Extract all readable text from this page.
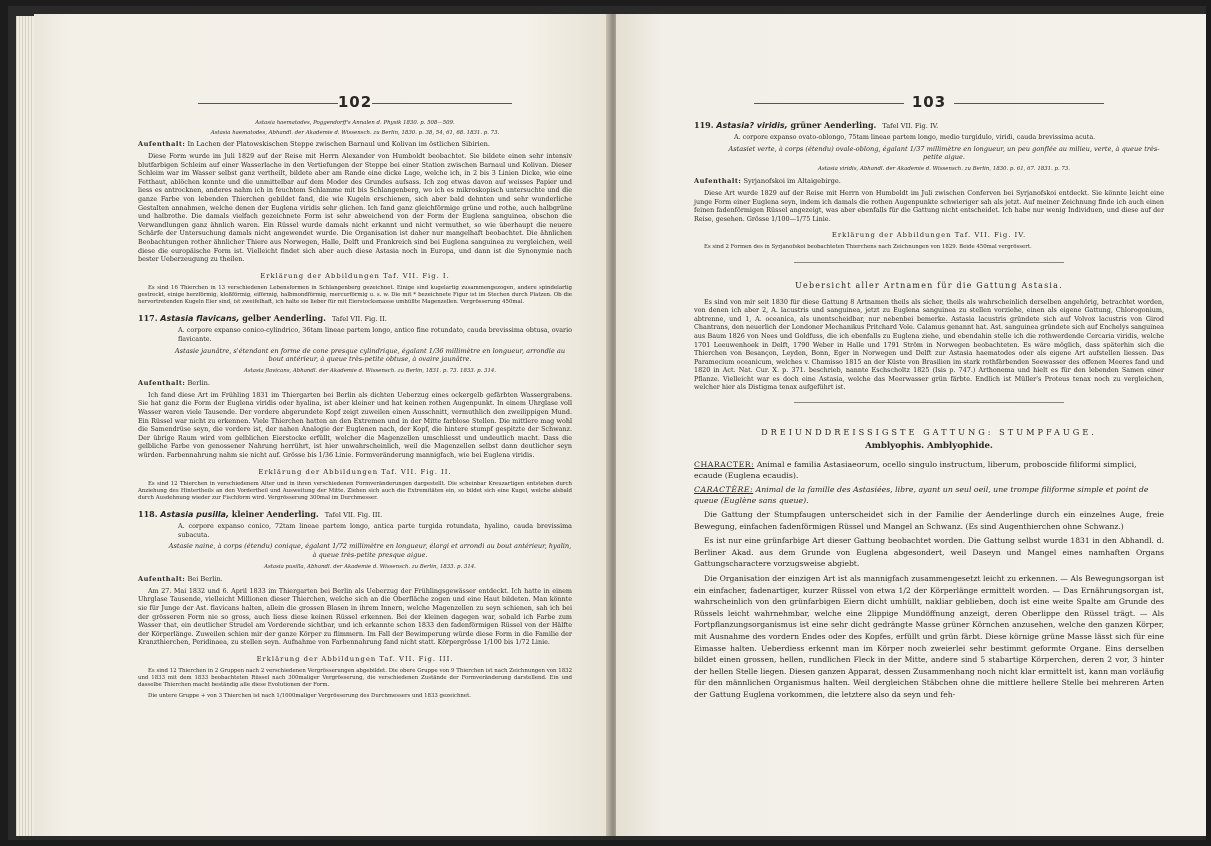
102

Astasia haematodes, Poggendorff's Annalen d. Physik 1830. p. 508—509.

Astasia haematodes, Abhandl. der Akademie d. Wissensch. zu Berlin, 1830. p. 38, 54, 61, 68. 1831. p. 73.

Aufenthalt: In Lachen der Platowskischen Steppe zwischen Barnaul und Kolivan im östlichen Sibirien.

Diese Form wurde im Juli 1829 auf der Reise mit Herrn Alexander von Humboldt beobachtet. Sie bildete einen sehr intensiv blutfarbigen Schleim auf einer Wasserlache in den Vertiefungen der Steppe bei einer Station zwischen Barnaul und Kolivan. Dieser Schleim war im Wasser selbst ganz vertheilt, bildete aber am Rande eine dicke Lage, welche ich, in 2 bis 3 Linien Dicke, wie eine Fetthaut, ablöchen konnte und die unmittelbar auf dem Moder des Grundes aufsass. Ich zog etwas davon auf weisses Papier und liess es antrocknen, anderes nahm ich in feuchtem Schlamme mit bis Schlangenberg, wo ich es mikroskopisch untersuchte und die ganze Farbe von lebenden Thierchen gebildet fand, die wie Kugeln erschienen, sich aber bald dehnten und sehr wunderliche Gestalten annahmen, welche denen der Euglena viridis sehr glichen. Ich fand ganz gleichförmige grüne und rothe, auch halbgrüne und halbrothe. Die damals vielfach gezeichnete Form ist sehr abweichend von der Form der Euglena sanguinea, obschon die Verwandlungen ganz ähnlich waren. Ein Rüssel wurde damals nicht erkannt und nicht vermuthet, so wie überhaupt die neuere Schärfe der Untersuchung damals nicht angewendet wurde. Die Organisation ist daher nur mangelhaft beobachtet. Die ähnlichen Beobachtungen rother ähnlicher Thiere aus Norwegen, Halle, Delft und Frankreich sind bei Euglena sanguinea zu vergleichen, weil diese die europäische Form ist. Vielleicht findet sich aber auch diese Astasia noch in Europa, und dann ist die Synonymie nach bester Ueberzeugung zu theilen.

Erklärung der Abbildungen Taf. VII. Fig. I.

Es sind 16 Thierchen in 13 verschiedenen Lebensformen in Schlangenberg gezeichnet. Einige sind kugelartig zusammengezogen, andere spindelartig gestreckt, einige herzförmig, kloßförmig, eiförmig, halbmondförmig, mercurförmig u. s. w. Die mit * bezeichnete Figur ist im Stechen durch Platzen. Ob die hervortretenden Kugeln Eier sind, ist zweifelhaft, ich halte sie lieber für mit Eierstocksmasse umhüllte Magenzellen. Vergrösserung 450mal.

117. Astasia flavicans, gelber Aenderling. Tafel VII. Fig. II.

A. corpore expanso conico-cylindrico, 36tam lineae partem longo, antico fine rotundato, cauda brevissima obtusa, ovario flavicante.

Astasie jaunâtre, s'étendant en forme de cone presque cylindrique, égalant 1/36 millimètre en longueur, arrondie au bout antérieur, à queue très-petite obtuse, à ovaire jaunâtre.

Astasia flavicans, Abhandl. der Akademie d. Wissensch. zu Berlin, 1831. p. 73. 1833. p. 314.

Aufenthalt: Berlin.

Ich fand diese Art im Frühling 1831 im Thiergarten bei Berlin als dichten Ueberzug eines ockergelb gefärbten Wassergrabens. Sie hat ganz die Form der Euglena viridis oder hyalina, ist aber kleiner und hat keinen rothen Augenpunkt. In einem Uhrglase voll Wasser waren viele Tausende. Der vordere abgerundete Kopf zeigt zuweilen einen Ausschnitt, vermuthlich den zweilippigen Mund. Ein Rüssel war nicht zu erkennen. Viele Thierchen hatten an den Extremen und in der Mitte farblose Stellen. Die mittlere mag wohl die Samendrüse seyn, die vordere ist, der nahen Analogie der Euglenen nach, der Kopf, die hintere stumpf gespitzte der Schwanz. Der übrige Raum wird vom gelblichen Eierstocke erfüllt, welcher die Magenzellen umschliesst und undeutlich macht. Dass die gelbliche Farbe von genossener Nahrung herrührt, ist hier unwahrscheinlich, weil die Magenzellen selbst dann deutlicher seyn würden. Farbennahrung nahm sie nicht auf. Grösse bis 1/36 Linie. Formveränderung mannigfach, wie bei Euglena viridis.

Erklärung der Abbildungen Taf. VII. Fig. II.

Es sind 12 Thierchen in verschiedenem Alter und in ihren verschiedenen Formveränderungen dargestellt. Die scheinbar Kreuzartigen entstehen durch Anziehung des Hintertheils an den Vordertheil und Ausweitung der Mitte. Ziehen sich auch die Extremitäten ein, so bildet sich eine Kugel, welche alsbald durch Ausdehnung wieder zur Fischform wird. Vergrösserung 300mal im Durchmesser.

118. Astasia pusilla, kleiner Aenderling. Tafel VII. Fig. III.

A. corpore expanso conico, 72tam lineae partem longo, antica parte turgida rotundata, hyalino, cauda brevissima subacuta.

Astasie naine, à corps (étendu) conique, égalant 1/72 millimètre en longueur, élargi et arrondi au bout antérieur, hyalin, à queue très-petite presque aigue.

Astasia pusilla, Abhandl. der Akademie d. Wissensch. zu Berlin, 1833. p. 314.

Aufenthalt: Bei Berlin.

Am 27. Mai 1832 und 6. April 1833 im Thiergarten bei Berlin als Ueberzug der Frühlingsgewässer entdeckt. Ich hatte in einem Uhrglase Tausende, vielleicht Millionen dieser Thierchen, welche sich an die Oberfläche zogen und eine Haut bildeten. Man könnte sie für Junge der Ast. flavicans halten, allein die grossen Blasen in ihrem Innern, welche Magenzellen zu seyn schienen, sah ich bei der grösseren Form nie so gross, auch liess diese keinen Rüssel erkennen. Bei der kleinen dagegen war, sobald ich Farbe zum Wasser that, ein deutlicher Strudel am Vorderende sichtbar, und ich erkannte schon 1833 den fadenförmigen Rüssel von der Hälfte der Körperlänge. Zuweilen schien mir der ganze Körper zu flimmern. Im Fall der Bewimperung würde diese Form in die Familie der Kranzthierchen, Peridinaea, zu stellen seyn. Aufnahme von Farbennahrung fand nicht statt. Körpergrösse 1/100 bis 1/72 Linie.

Erklärung der Abbildungen Taf. VII. Fig. III.

Es sind 12 Thierchen in 2 Gruppen nach 2 verschiedenen Vergrösserungen abgebildet. Die obere Gruppe von 9 Thierchen ist nach Zeichnungen von 1832 und 1833 mit dem 1833 beobachteten Rüssel nach 300maliger Vergrösserung, die verschiedenen Zustände der Formveränderung darstellend. Ein und dasselbe Thierchen macht beständig alle diese Evolutionen der Form.

Die untere Gruppe + von 3 Thierchen ist nach 1/1000maliger Vergrösserung des Durchmessers und 1833 gezeichnet.

103
119. Astasia? viridis, grüner Aenderling. Tafel VII. Fig. IV.

A. corpore expanso ovato-oblongo, 75tam lineae partem longo, medio turgidulo, viridi, cauda brevissima acuta.

Astasiet verte, à corps (étendu) ovale-oblong, égalant 1/37 millimètre en longueur, un peu gonflée au milieu, verte, à queue très-petite aigue.

Astasia viridis, Abhandl. der Akademie d. Wissensch. zu Berlin, 1830. p. 61, 67. 1831. p. 73.

Aufenthalt: Syrjanofskoi im Altaigebirge.

Diese Art wurde 1829 auf der Reise mit Herrn von Humboldt im Juli zwischen Conferven bei Syrjanofskoi entdeckt. Sie könnte leicht eine junge Form einer Euglena seyn, indem ich damals die rothen Augenpunkte schwieriger sah als jetzt. Auf meiner Zeichnung finde ich auch einen feinen fadenförmigen Rüssel angezeigt, was aber ebenfalls für die Gattung nicht entscheidet. Ich habe nur wenig Individuen, und diese auf der Reise, gesehen. Grösse 1/100—1/75 Linie.

Erklärung der Abbildungen Taf. VII. Fig. IV.

Es sind 2 Formen des in Syrjanofskoi beobachteten Thierchens nach Zeichnungen von 1829. Beide 450mal vergrössert.

Uebersicht aller Artnamen für die Gattung Astasia.

Es sind von mir seit 1830 für diese Gattung 8 Artnamen theils als sicher, theils als wahrscheinlich derselben angehörig, betrachtet worden, von denen ich aber 2, A. lacustris und sanguinea, jetzt zu Euglena sanguinea zu stellen vorziehe, einen als eigene Gattung, Chlorogonium, abtrenne, und 1, A. oceanica, als unentscheidbar, nur nebenbei bemerke. Astasia lacustris gründete sich auf Volvox lacustris von Girod Chantrans, den neuerlich der Londoner Mechanikus Pritchard Vole. Calamus genannt hat. Ast. sanguinea gründete sich auf Enchelys sanguinea aus Baum 1826 von Nees und Goldfuss, die ich ebenfalls zu Euglena ziehe, und ebendahin stelle ich die rothwerdende Cercaria viridis, welche 1701 Leeuwenhoek in Delft, 1790 Weber in Halle und 1791 Ström in Norwegen beobachteten. Es wäre möglich, dass späterhin sich die Thierchen von Besançon, Leyden, Bonn, Eger in Norwegen und Delft zur Astasia haematodes oder als eigene Art aufstellen liessen. Das Paramecium oceanicum, welches v. Chamisso 1815 an der Küste von Brasilien im stark rothfärbenden Seewasser des offenen Meeres fand und 1820 in Act. Nat. Cur. X. p. 371. beschrieb, nannte Eschscholtz 1825 (Isis p. 747.) Arthonema und hielt es für den lebenden Samen einer Pflanze. Vielleicht war es doch eine Astasia, welche das Meerwasser grün färbte. Endlich ist Müller's Proteus tenax noch zu vergleichen, welcher hier als Distigma tenax aufgeführt ist.

DREIUNDDREISSIGSTE GATTUNG: STUMPFAUGE.
Amblyophis. Amblyophide.
CHARACTER: Animal e familia Astasiaeorum, ocello singulo instructum, liberum, proboscide filiformi simplici, ecaude (Euglena ecaudis).
CARACTÈRE: Animal de la famille des Astasiées, libre, ayant un seul oeil, une trompe filiforme simple et point de queue (Euglène sans queue).

Die Gattung der Stumpfaugen unterscheidet sich in der Familie der Aenderlinge durch ein einzelnes Auge, freie Bewegung, einfachen fadenförmigen Rüssel und Mangel an Schwanz. (Es sind Augenthierchen ohne Schwanz.)

Es ist nur eine grünfarbige Art dieser Gattung beobachtet worden. Die Gattung selbst wurde 1831 in den Abhandl. d. Berliner Akad. aus dem Grunde von Euglena abgesondert, weil Daseyn und Mangel eines namhaften Organs Gattungscharactere vorzugsweise abgiebt.

Die Organisation der einzigen Art ist als mannigfach zusammengesetzt leicht zu erkennen. — Als Bewegungsorgan ist ein einfacher, fadenartiger, kurzer Rüssel von etwa 1/2 der Körperlänge ermittelt worden. — Das Ernährungsorgan ist, wahrscheinlich von den grünfarbigen Eiern dicht umhüllt, nakliar geblieben, doch ist eine weite Spalte am Grunde des Rüssels leicht wahrnehmbar, welche eine 2lippige Mundöffnung anzeigt, deren Oberlippe den Rüssel trägt. — Als Fortpflanzungsorganismus ist eine sehr dicht gedrängte Masse grüner Körnchen anzusehen, welche den ganzen Körper, mit Ausnahme des vordern Endes oder des Kopfes, erfüllt und grün färbt. Diese körnige grüne Masse lässt sich für eine Eimasse halten. Ueberdiess erkennt man im Körper noch zweierlei sehr bestimmt geformte Organe. Eins derselben bildet einen grossen, hellen, rundlichen Fleck in der Mitte, andere sind 5 stabartige Körperchen, deren 2 vor, 3 hinter der hellen Stelle liegen. Diesen ganzen Apparat, dessen Zusammenhang noch nicht klar ermittelt ist, kann man vorläufig für den männlichen Organismus halten. Weil dergleichen Stäbchen ohne die mittlere hellere Stelle bei mehreren Arten der Gattung Euglena vorkommen, die letztere also da seyn und feh-
